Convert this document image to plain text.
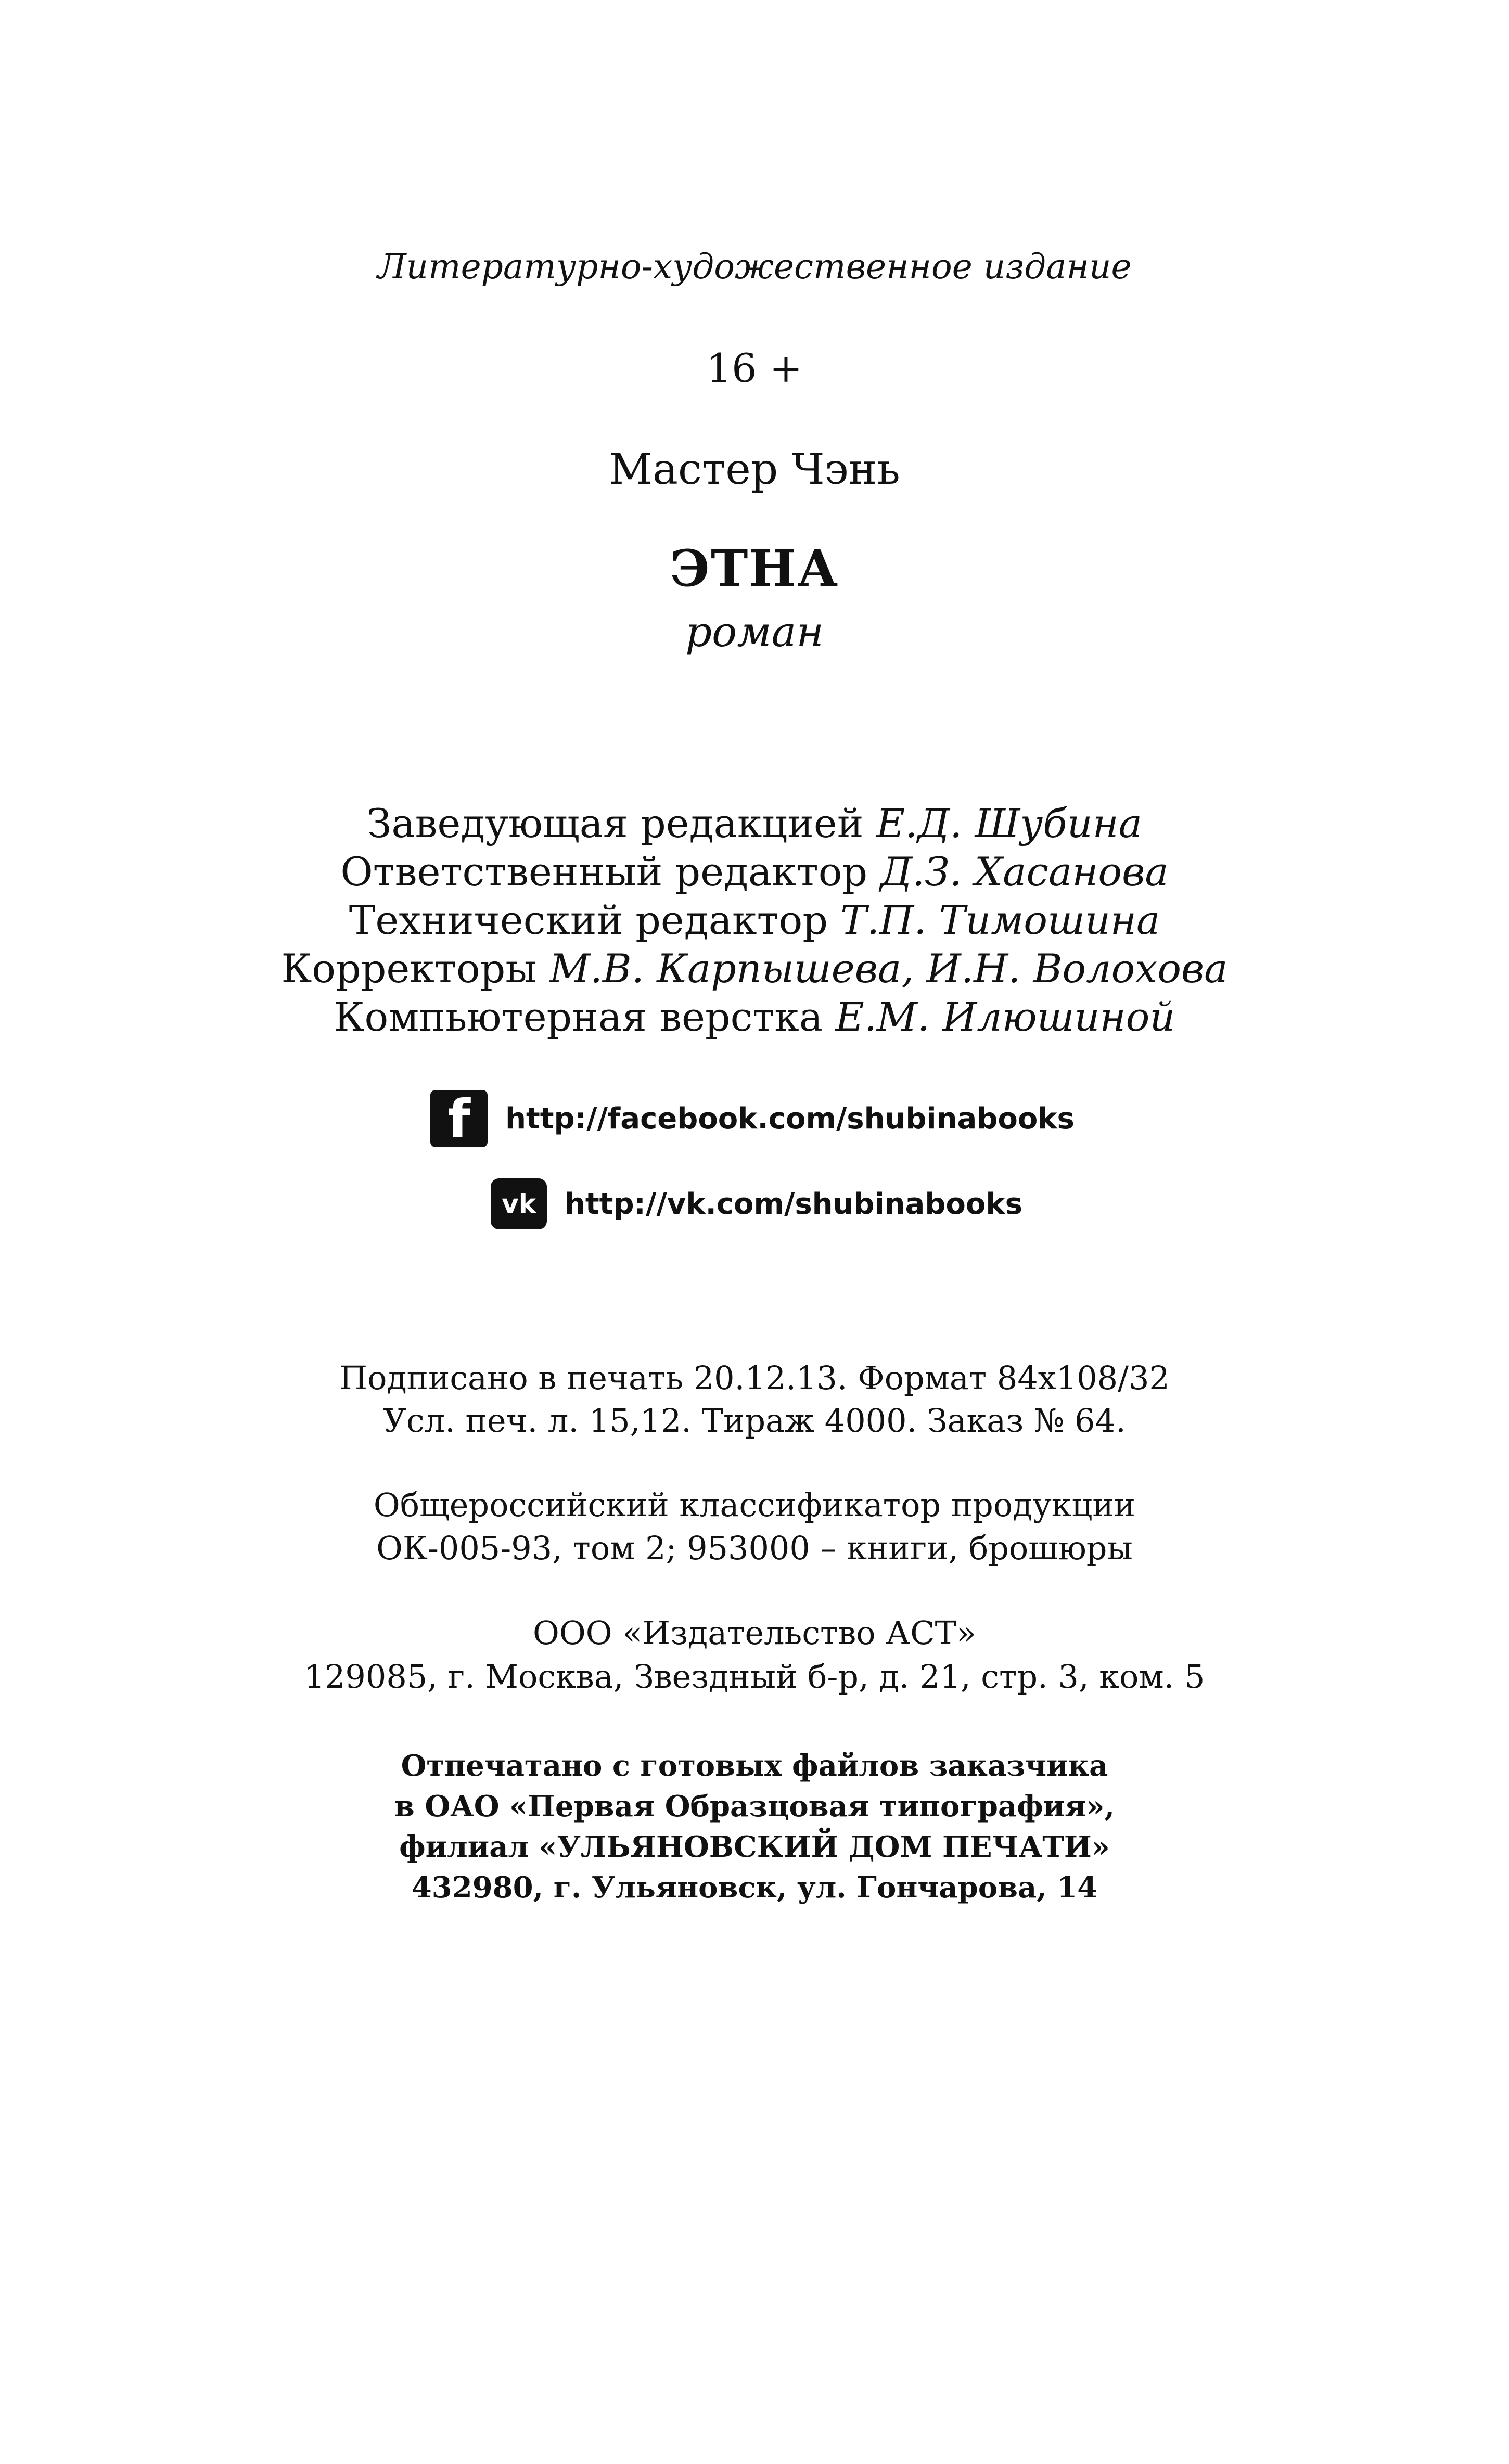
Литературно-художественное издание
16 +
Мастер Чэнь
ЭТНА
роман
Заведующая редакцией Е.Д. Шубина
Ответственный редактор Д.З. Хасанова
Технический редактор Т.П. Тимошина
Корректоры М.В. Карпышева, И.Н. Волохова
Компьютерная верстка Е.М. Илюшиной
f	http://facebook.com/shubinabooks
vk http://vk.com/shubinabooks
Подписано в печать 20.12.13. Формат 84x108/32
Усл. печ. л. 15,12. Тираж 4000. Заказ № 64.
Общероссийский классификатор продукции
ОК-005-93, том 2; 953000 – книги, брошюры
ООО «Издательство АСТ»
129085, г. Москва, Звездный б-р, д. 21, стр. 3, ком. 5
Отпечатано с готовых файлов заказчика
в ОАО «Первая Образцовая типография»,
филиал «УЛЬЯНОВСКИЙ ДОМ ПЕЧАТИ»
432980, г. Ульяновск, ул. Гончарова, 14
